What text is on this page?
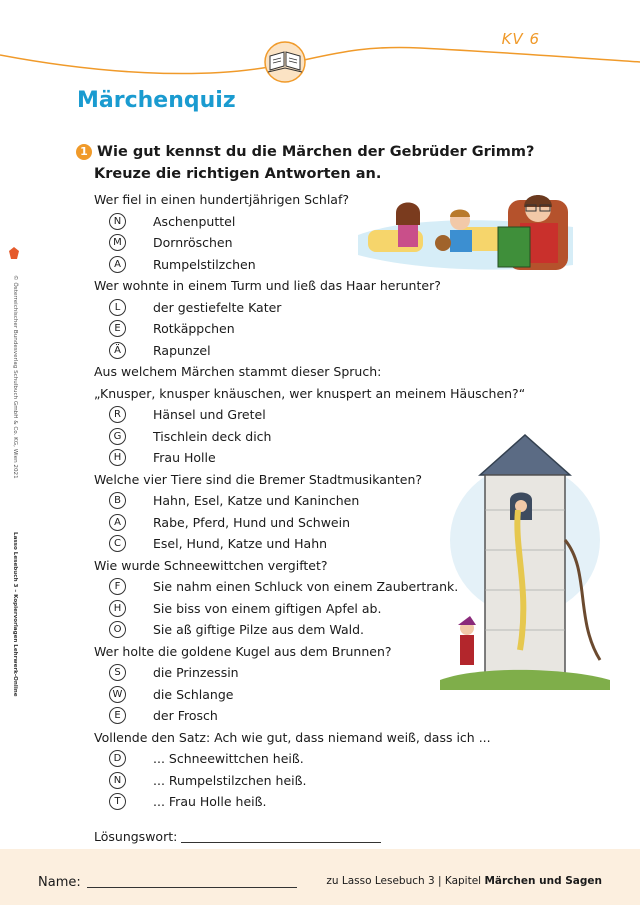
KV 6
Märchenquiz
1 Wie gut kennst du die Märchen der Gebrüder Grimm?
Kreuze die richtigen Antworten an.
Wer fiel in einen hundertjährigen Schlaf?
N	Aschenputtel
M	Dornröschen
A	Rumpelstilzchen
Wer wohnte in einem Turm und ließ das Haar herunter?
L	der gestiefelte Kater
E	Rotkäppchen
Ä	Rapunzel
Aus welchem Märchen stammt dieser Spruch:
„Knusper, knusper knäuschen, wer knuspert an meinem Häuschen?“
R	Hänsel und Gretel
G	Tischlein deck dich
H	Frau Holle
Welche vier Tiere sind die Bremer Stadtmusikanten?
B	Hahn, Esel, Katze und Kaninchen
A	Rabe, Pferd, Hund und Schwein
C	Esel, Hund, Katze und Hahn
Wie wurde Schneewittchen vergiftet?
F	Sie nahm einen Schluck von einem Zaubertrank.
H	Sie biss von einem giftigen Apfel ab.
O	Sie aß giftige Pilze aus dem Wald.
Wer holte die goldene Kugel aus dem Brunnen?
S	die Prinzessin
W die Schlange
E	der Frosch
Vollende den Satz: Ach wie gut, dass niemand weiß, dass ich ...
D	... Schneewittchen heiß.
N	... Rumpelstilzchen heiß.
T	... Frau Holle heiß.
Lösungswort:
© Österreichischer Bundesverlag Schulbuch GmbH & Co. KG, Wien 2021
Lasso Lesebuch 3 – Kopiervorlagen Lehrwerk-Online
Name:	zu Lasso Lesebuch 3 | Kapitel Märchen und Sagen
